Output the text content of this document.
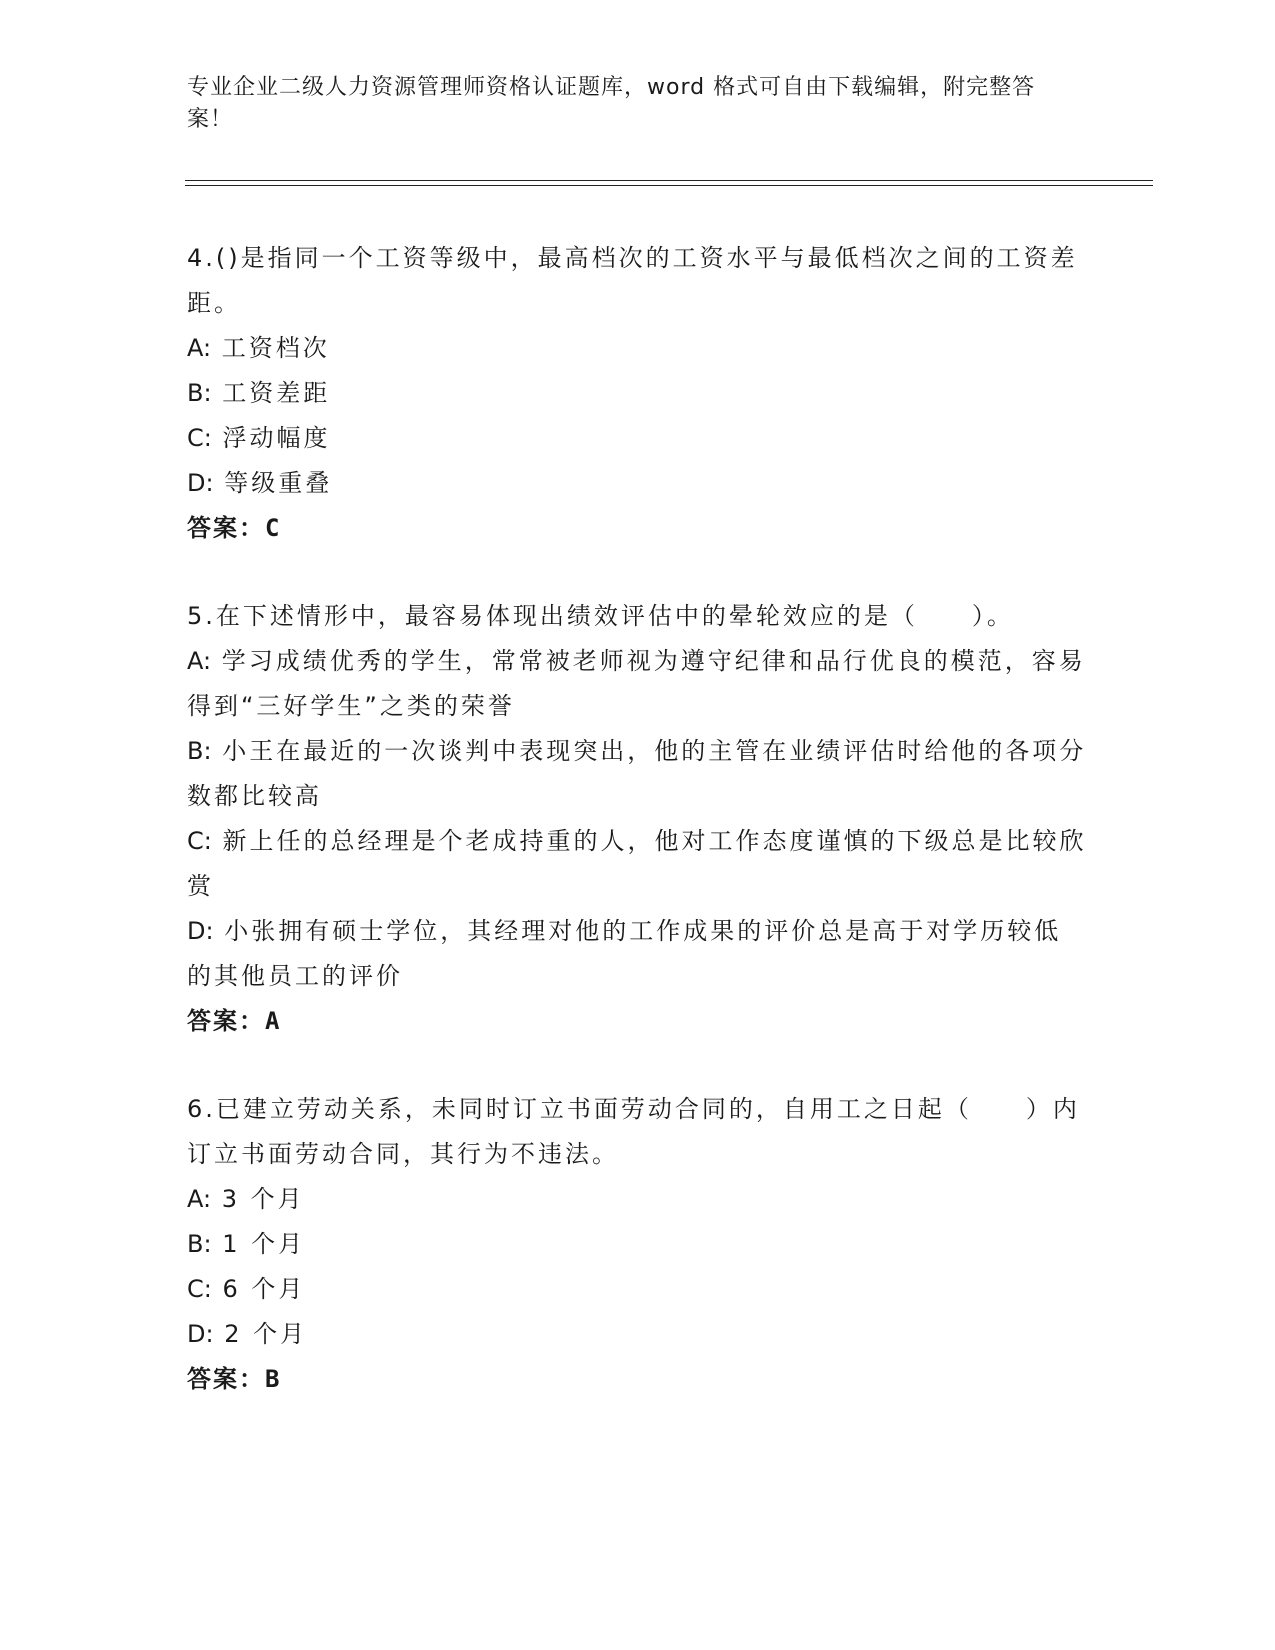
专业企业二级人力资源管理师资格认证题库，word 格式可自由下载编辑，附完整答案！
4.()是指同一个工资等级中，最高档次的工资水平与最低档次之间的工资差距。
A: 工资档次
B: 工资差距
C: 浮动幅度
D: 等级重叠
答案：C
5.在下述情形中，最容易体现出绩效评估中的晕轮效应的是（　　）。
A: 学习成绩优秀的学生，常常被老师视为遵守纪律和品行优良的模范，容易得到“三好学生”之类的荣誉
B: 小王在最近的一次谈判中表现突出，他的主管在业绩评估时给他的各项分数都比较高
C: 新上任的总经理是个老成持重的人，他对工作态度谨慎的下级总是比较欣赏
D: 小张拥有硕士学位，其经理对他的工作成果的评价总是高于对学历较低的其他员工的评价
答案：A
6.已建立劳动关系，未同时订立书面劳动合同的，自用工之日起（　　）内订立书面劳动合同，其行为不违法。
A: 3 个月
B: 1 个月
C: 6 个月
D: 2 个月
答案：B
